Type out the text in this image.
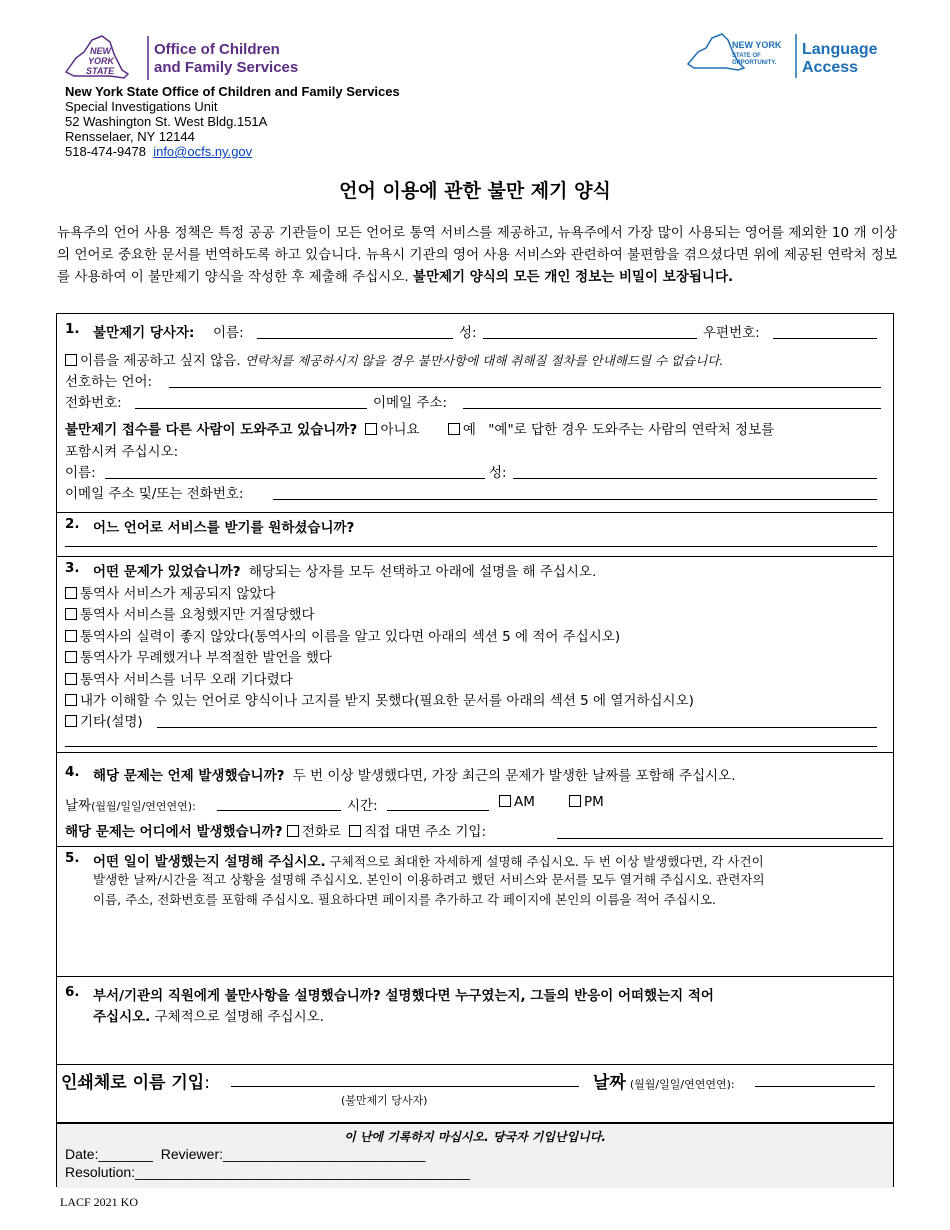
NEW
YORK
STATE
Office of Children
and Family Services
NEW YORK
STATE OF
OPPORTUNITY.
Language
Access
New York State Office of Children and Family Services
Special Investigations Unit
52 Washington St. West Bldg.151A
Rensselaer, NY 12144
518-474-9478 info@ocfs.ny.gov
언어 이용에 관한 불만 제기 양식
뉴욕주의 언어 사용 정책은 특정 공공 기관들이 모든 언어로 통역 서비스를 제공하고, 뉴욕주에서 가장 많이 사용되는 영어를 제외한 10 개 이상의 언어로 중요한 문서를 번역하도록 하고 있습니다. 뉴욕시 기관의 영어 사용 서비스와 관련하여 불편함을 겪으셨다면 위에 제공된 연락처 정보를 사용하여 이 불만제기 양식을 작성한 후 제출해 주십시오. 불만제기 양식의 모든 개인 정보는 비밀이 보장됩니다.
1. 불만제기 당사자: 이름:	성:	우편번호:
이름을 제공하고 싶지 않음. 연락처를 제공하시지 않을 경우 불만사항에 대해 취해질 절차를 안내해드릴 수 없습니다.
선호하는 언어:
전화번호:	이메일 주소:
불만제기 접수를 다른 사람이 도와주고 있습니까? 아니요	예 "예"로 답한 경우 도와주는 사람의 연락처 정보를
포함시켜 주십시오:
이름:	성:
이메일 주소 및/또는 전화번호:
2. 어느 언어로 서비스를 받기를 원하셨습니까?
3. 어떤 문제가 있었습니까? 해당되는 상자를 모두 선택하고 아래에 설명을 해 주십시오.
통역사 서비스가 제공되지 않았다
통역사 서비스를 요청했지만 거절당했다
통역사의 실력이 좋지 않았다(통역사의 이름을 알고 있다면 아래의 섹션 5 에 적어 주십시오)
통역사가 무례했거나 부적절한 발언을 했다
통역사 서비스를 너무 오래 기다렸다
내가 이해할 수 있는 언어로 양식이나 고지를 받지 못했다(필요한 문서를 아래의 섹션 5 에 열거하십시오)
기타(설명)
4. 해당 문제는 언제 발생했습니까? 두 번 이상 발생했다면, 가장 최근의 문제가 발생한 날짜를 포함해 주십시오.
날짜(월월/일일/연연연연):	시간:	AM	PM
해당 문제는 어디에서 발생했습니까? 전화로 직접 대면 주소 기입:
5. 어떤 일이 발생했는지 설명해 주십시오. 구체적으로 최대한 자세하게 설명해 주십시오. 두 번 이상 발생했다면, 각 사건이
발생한 날짜/시간을 적고 상황을 설명해 주십시오. 본인이 이용하려고 했던 서비스와 문서를 모두 열거해 주십시오. 관련자의
이름, 주소, 전화번호를 포함해 주십시오. 필요하다면 페이지를 추가하고 각 페이지에 본인의 이름을 적어 주십시오.
6. 부서/기관의 직원에게 불만사항을 설명했습니까? 설명했다면 누구였는지, 그들의 반응이 어떠했는지 적어
주십시오. 구체적으로 설명해 주십시오.
인쇄체로 이름 기입:	날짜 (월월/일일/연연연연):
(불만제기 당사자)
이 난에 기록하지 마십시오. 당국자 기입난입니다.
Date:_______ Reviewer:__________________________
Resolution:___________________________________________
LACF 2021 KO
